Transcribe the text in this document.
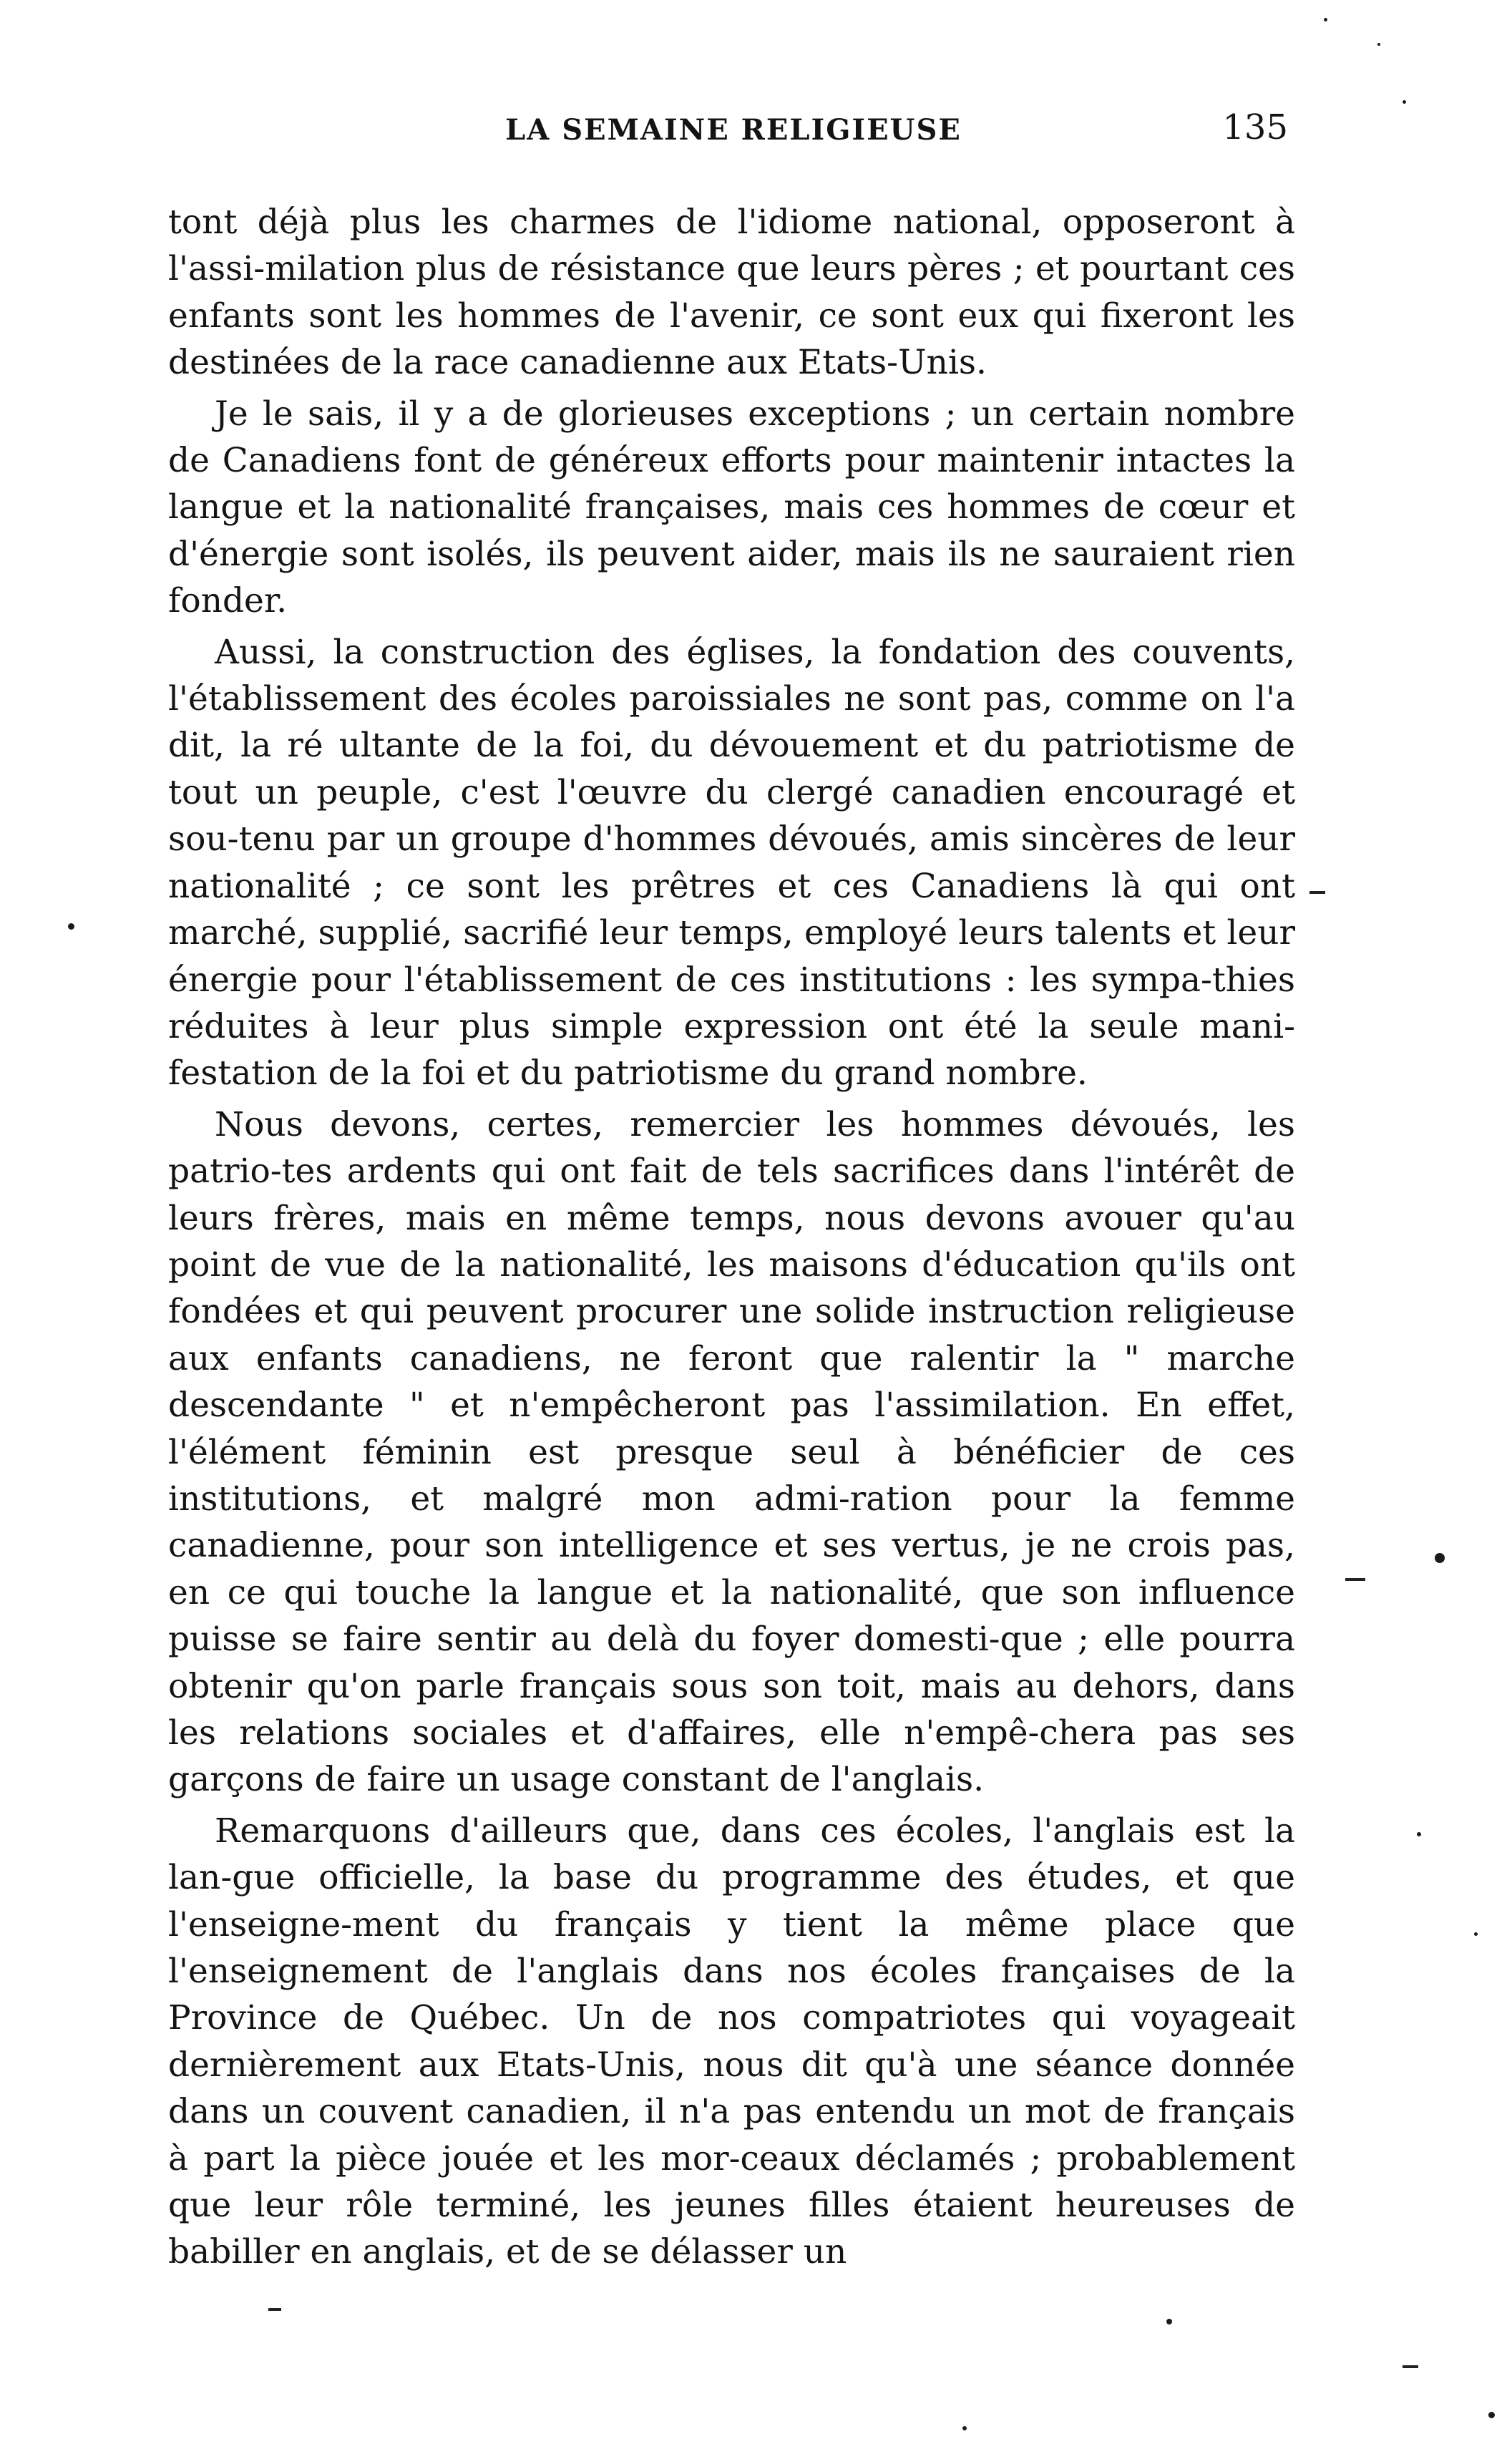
LA SEMAINE RELIGIEUSE	135

tont déjà plus les charmes de l'idiome national, opposeront à l'assi-milation plus de résistance que leurs pères ; et pourtant ces enfants sont les hommes de l'avenir, ce sont eux qui fixeront les destinées de la race canadienne aux Etats-Unis.

Je le sais, il y a de glorieuses exceptions ; un certain nombre de Canadiens font de généreux efforts pour maintenir intactes la langue et la nationalité françaises, mais ces hommes de cœur et d'énergie sont isolés, ils peuvent aider, mais ils ne sauraient rien fonder.

Aussi, la construction des églises, la fondation des couvents, l'établissement des écoles paroissiales ne sont pas, comme on l'a dit, la ré ultante de la foi, du dévouement et du patriotisme de tout un peuple, c'est l'œuvre du clergé canadien encouragé et sou-tenu par un groupe d'hommes dévoués, amis sincères de leur nationalité ; ce sont les prêtres et ces Canadiens là qui ont marché, supplié, sacrifié leur temps, employé leurs talents et leur énergie pour l'établissement de ces institutions : les sympa-thies réduites à leur plus simple expression ont été la seule mani-festation de la foi et du patriotisme du grand nombre.

Nous devons, certes, remercier les hommes dévoués, les patrio-tes ardents qui ont fait de tels sacrifices dans l'intérêt de leurs frères, mais en même temps, nous devons avouer qu'au point de vue de la nationalité, les maisons d'éducation qu'ils ont fondées et qui peuvent procurer une solide instruction religieuse aux enfants canadiens, ne feront que ralentir la " marche descendante " et n'empêcheront pas l'assimilation. En effet, l'élément féminin est presque seul à bénéficier de ces institutions, et malgré mon admi-ration pour la femme canadienne, pour son intelligence et ses vertus, je ne crois pas, en ce qui touche la langue et la nationalité, que son influence puisse se faire sentir au delà du foyer domesti-que ; elle pourra obtenir qu'on parle français sous son toit, mais au dehors, dans les relations sociales et d'affaires, elle n'empê-chera pas ses garçons de faire un usage constant de l'anglais.

Remarquons d'ailleurs que, dans ces écoles, l'anglais est la lan-gue officielle, la base du programme des études, et que l'enseigne-ment du français y tient la même place que l'enseignement de l'anglais dans nos écoles françaises de la Province de Québec. Un de nos compatriotes qui voyageait dernièrement aux Etats-Unis, nous dit qu'à une séance donnée dans un couvent canadien, il n'a pas entendu un mot de français à part la pièce jouée et les mor-ceaux déclamés ; probablement que leur rôle terminé, les jeunes filles étaient heureuses de babiller en anglais, et de se délasser un
